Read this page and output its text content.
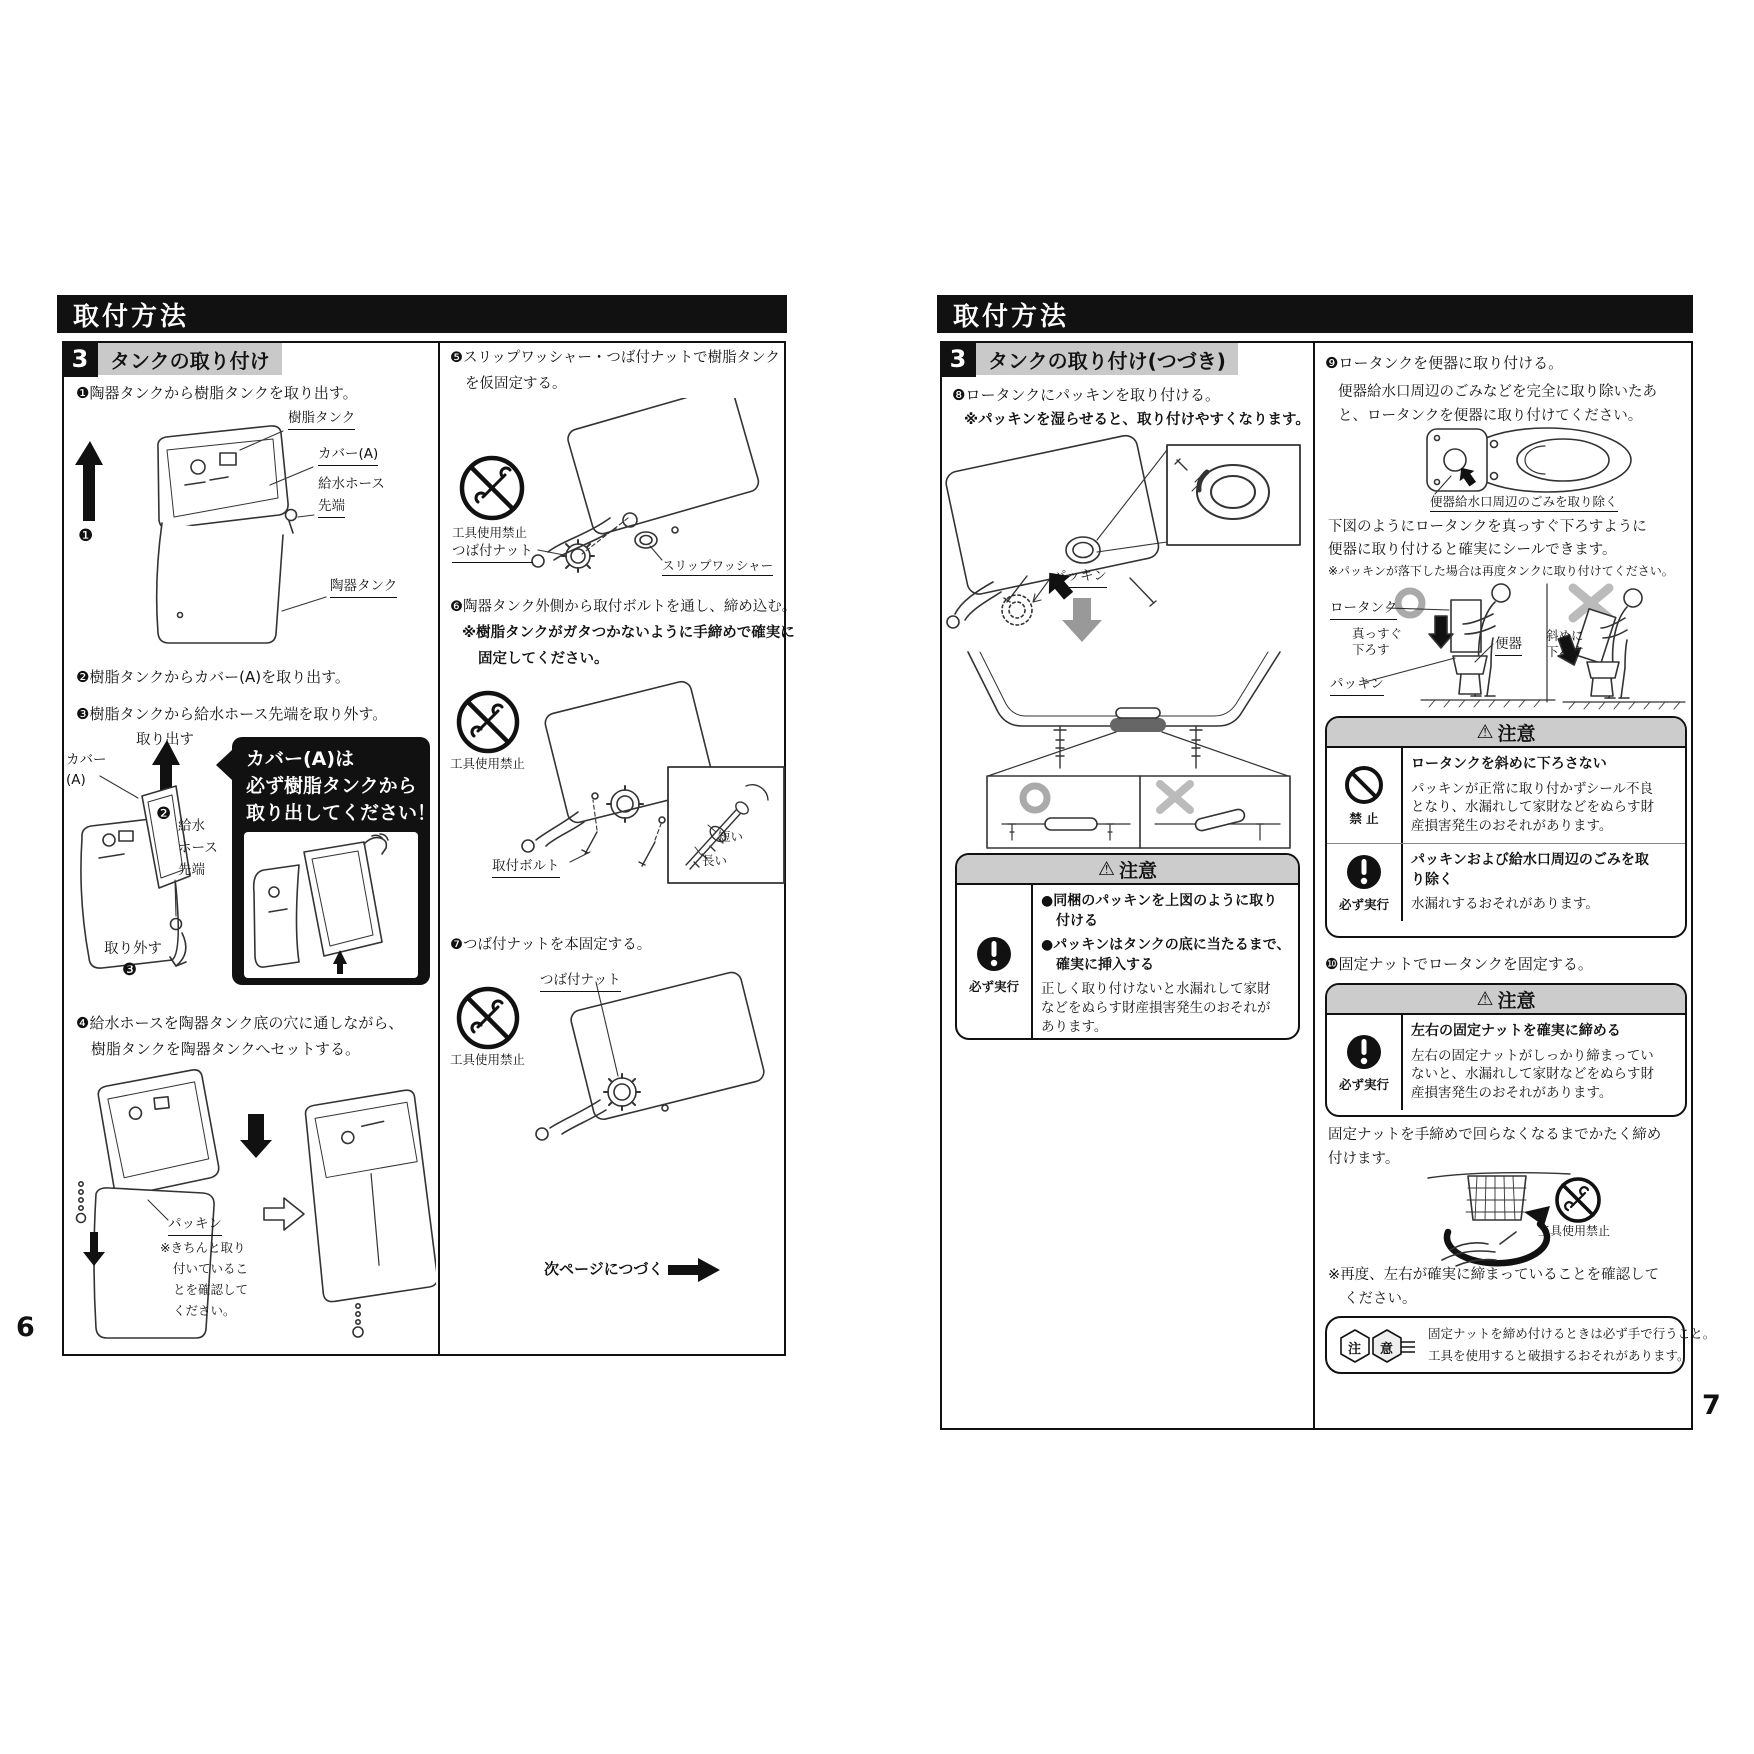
取付方法
3	タンクの取り付け
6
❶陶器タンクから樹脂タンクを取り出す。
樹脂タンク
カバー(A)
給水ホース
先端
陶器タンク
❶
❷樹脂タンクからカバー(A)を取り出す。
❸樹脂タンクから給水ホース先端を取り外す。
取り出す
カバー
(A)
❷
給水
ホース
先端
取り外す
❸
カバー(A)は
必ず樹脂タンクから
取り出してください！
❹給水ホースを陶器タンク底の穴に通しながら、
樹脂タンクを陶器タンクへセットする。
パッキン
※きちんと取り
付いているこ
とを確認して
ください。
❺スリップワッシャー・つば付ナットで樹脂タンク
を仮固定する。
工具使用禁止
つば付ナット
スリップワッシャー
❻陶器タンク外側から取付ボルトを通し、締め込む。
※樹脂タンクがガタつかないように手締めで確実に
固定してください。
工具使用禁止
取付ボルト
短い
長い
❼つば付ナットを本固定する。
工具使用禁止
つば付ナット
次ページにつづく
取付方法
3	タンクの取り付け(つづき)
7
❽ロータンクにパッキンを取り付ける。
※パッキンを湿らせると、取り付けやすくなります。
パッキン
⚠ 注意
必ず実行
●同梱のパッキンを上図のように取り
付ける
●パッキンはタンクの底に当たるまで、
確実に挿入する
正しく取り付けないと水漏れして家財
などをぬらす財産損害発生のおそれが
あります。
❾ロータンクを便器に取り付ける。
便器給水口周辺のごみなどを完全に取り除いたあ
と、ロータンクを便器に取り付けてください。
便器給水口周辺のごみを取り除く
下図のようにロータンクを真っすぐ下ろすように
便器に取り付けると確実にシールできます。
※パッキンが落下した場合は再度タンクに取り付けてください。
ロータンク
真っすぐ
下ろす	便器
パッキン
斜めに
下ろす
⚠ 注意
禁 止
ロータンクを斜めに下ろさない
パッキンが正常に取り付かずシール不良
となり、水漏れして家財などをぬらす財
産損害発生のおそれがあります。
必ず実行
パッキンおよび給水口周辺のごみを取
り除く
水漏れするおそれがあります。
❿固定ナットでロータンクを固定する。
⚠ 注意
必ず実行
左右の固定ナットを確実に締める
左右の固定ナットがしっかり締まってい
ないと、水漏れして家財などをぬらす財
産損害発生のおそれがあります。
固定ナットを手締めで回らなくなるまでかたく締め
付けます。
工具使用禁止
※再度、左右が確実に締まっていることを確認して
ください。
注 意
固定ナットを締め付けるときは必ず手で行うこと。
工具を使用すると破損するおそれがあります。
